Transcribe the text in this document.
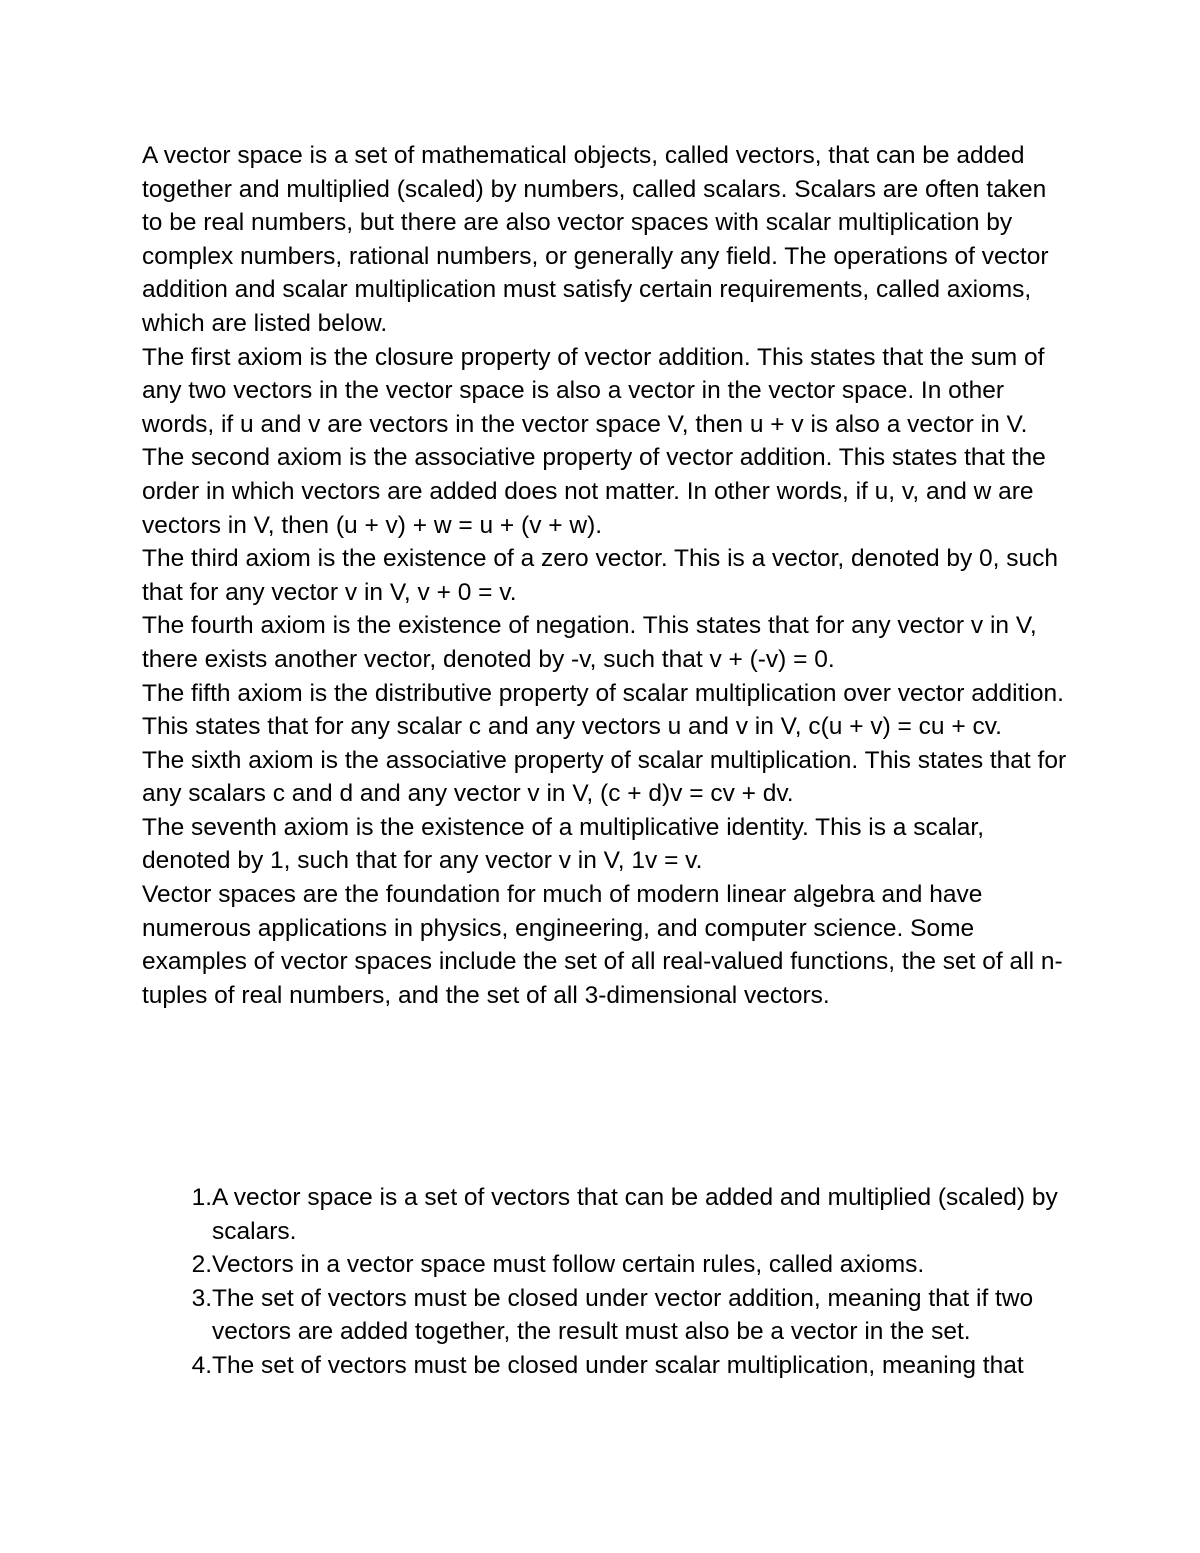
A vector space is a set of mathematical objects, called vectors, that can be added together and multiplied (scaled) by numbers, called scalars. Scalars are often taken to be real numbers, but there are also vector spaces with scalar multiplication by complex numbers, rational numbers, or generally any field. The operations of vector addition and scalar multiplication must satisfy certain requirements, called axioms, which are listed below.

The first axiom is the closure property of vector addition. This states that the sum of any two vectors in the vector space is also a vector in the vector space. In other words, if u and v are vectors in the vector space V, then u + v is also a vector in V.

The second axiom is the associative property of vector addition. This states that the order in which vectors are added does not matter. In other words, if u, v, and w are vectors in V, then (u + v) + w = u + (v + w).

The third axiom is the existence of a zero vector. This is a vector, denoted by 0, such that for any vector v in V, v + 0 = v.

The fourth axiom is the existence of negation. This states that for any vector v in V, there exists another vector, denoted by -v, such that v + (-v) = 0.

The fifth axiom is the distributive property of scalar multiplication over vector addition. This states that for any scalar c and any vectors u and v in V, c(u + v) = cu + cv.

The sixth axiom is the associative property of scalar multiplication. This states that for any scalars c and d and any vector v in V, (c + d)v = cv + dv.

The seventh axiom is the existence of a multiplicative identity. This is a scalar, denoted by 1, such that for any vector v in V, 1v = v.

Vector spaces are the foundation for much of modern linear algebra and have numerous applications in physics, engineering, and computer science. Some examples of vector spaces include the set of all real-valued functions, the set of all n-tuples of real numbers, and the set of all 3-dimensional vectors.

1. A vector space is a set of vectors that can be added and multiplied (scaled) by scalars.
2. Vectors in a vector space must follow certain rules, called axioms.
3. The set of vectors must be closed under vector addition, meaning that if two vectors are added together, the result must also be a vector in the set.
4. The set of vectors must be closed under scalar multiplication, meaning that
